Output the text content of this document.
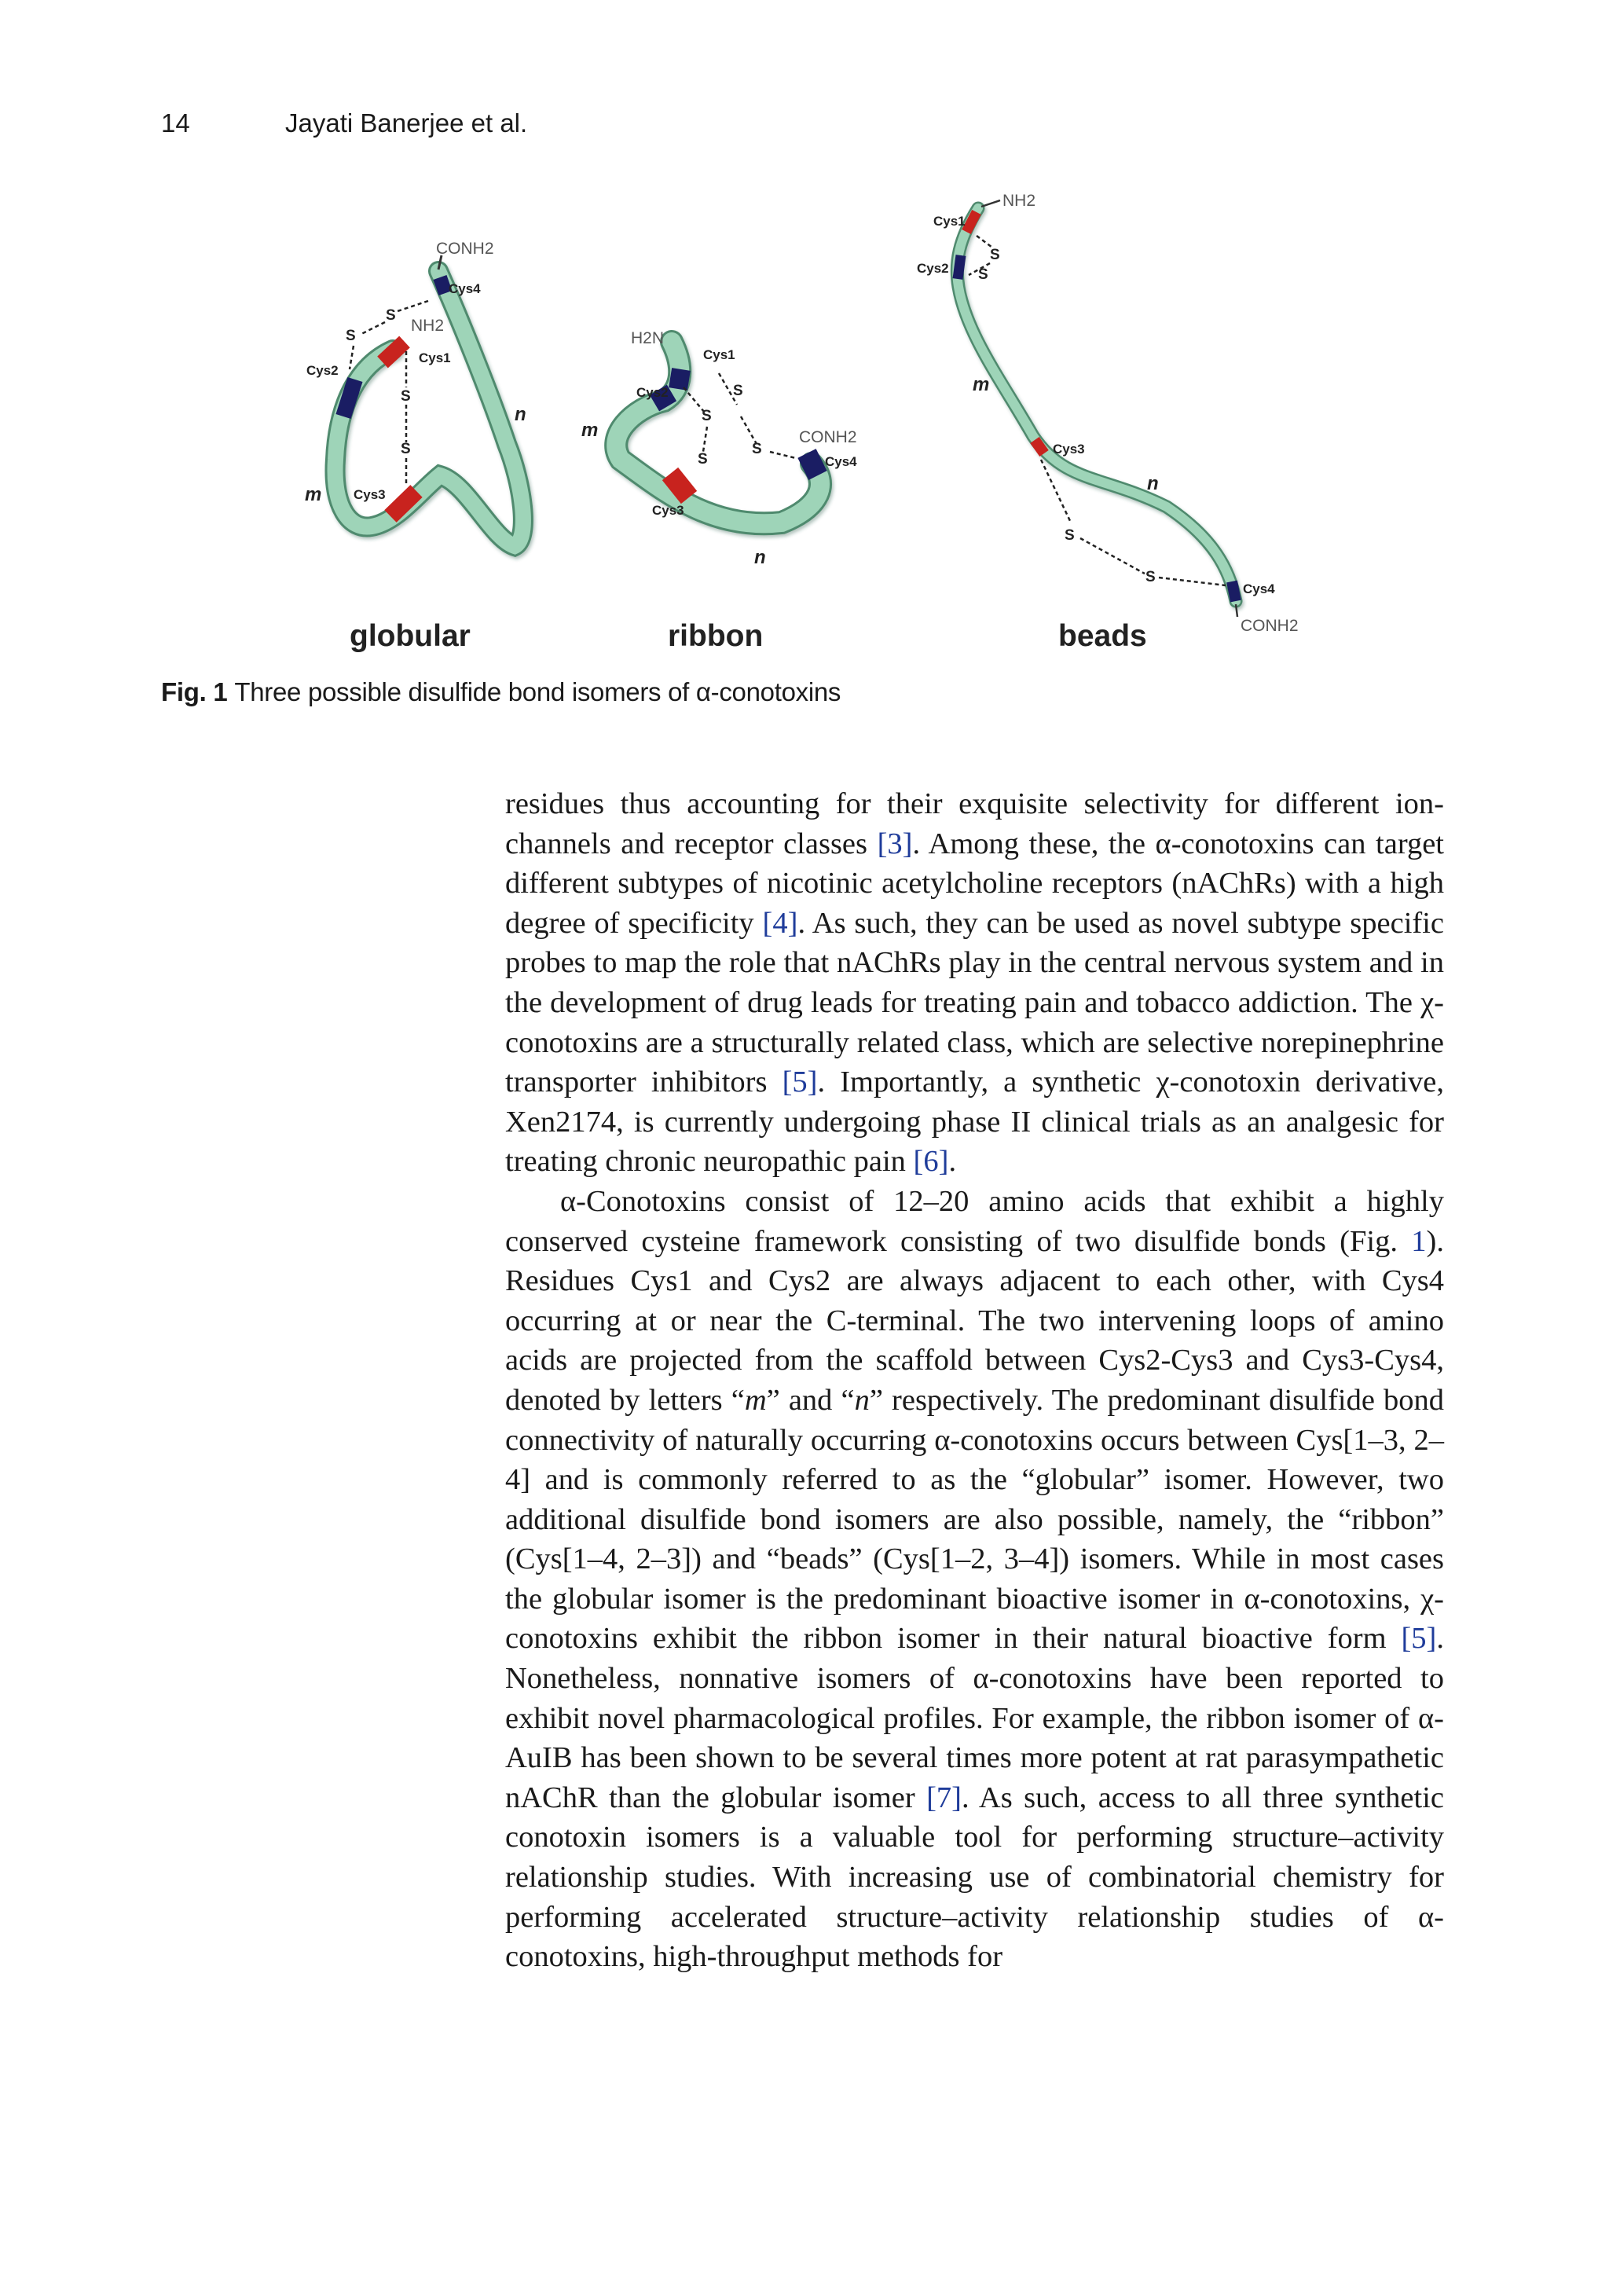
14	Jayati Banerjee et al.
CONH2
Cys4
NH2
Cys1
Cys2
Cys3
m
n
S
S
S
S
globular
H2N
Cys1
Cys2
Cys3
Cys4
CONH2
m
n
S
S
S
S
ribbon
Cys1
NH2
Cys2
Cys3
Cys4
CONH2
m
n
S
S
S
S
beads
Fig. 1 Three possible disulfide bond isomers of α-conotoxins

residues thus accounting for their exquisite selectivity for different ion-channels and receptor classes [3]. Among these, the α-conotoxins can target different subtypes of nicotinic acetylcholine receptors (nAChRs) with a high degree of specificity [4]. As such, they can be used as novel subtype specific probes to map the role that nAChRs play in the central nervous system and in the development of drug leads for treating pain and tobacco addiction. The χ-conotoxins are a structurally related class, which are selective norepinephrine transporter inhibitors [5]. Importantly, a synthetic χ-conotoxin derivative, Xen2174, is currently undergoing phase II clinical trials as an analgesic for treating chronic neuropathic pain [6].

α-Conotoxins consist of 12–20 amino acids that exhibit a highly conserved cysteine framework consisting of two disulfide bonds (Fig. 1). Residues Cys1 and Cys2 are always adjacent to each other, with Cys4 occurring at or near the C-terminal. The two intervening loops of amino acids are projected from the scaffold between Cys2-Cys3 and Cys3-Cys4, denoted by letters “m” and “n” respectively. The predominant disulfide bond connectivity of naturally occurring α-conotoxins occurs between Cys[1–3, 2–4] and is commonly referred to as the “globular” isomer. However, two additional disulfide bond isomers are also possible, namely, the “ribbon” (Cys[1–4, 2–3]) and “beads” (Cys[1–2, 3–4]) isomers. While in most cases the globular isomer is the predominant bioactive isomer in α-conotoxins, χ-conotoxins exhibit the ribbon isomer in their natural bioactive form [5]. Nonetheless, nonnative isomers of α-conotoxins have been reported to exhibit novel pharmacological profiles. For example, the ribbon isomer of α-AuIB has been shown to be several times more potent at rat parasympathetic nAChR than the globular isomer [7]. As such, access to all three synthetic conotoxin isomers is a valuable tool for performing structure–activity relationship studies. With increasing use of combinatorial chemistry for performing accelerated structure–activity relationship studies of α-conotoxins, high-throughput methods for
